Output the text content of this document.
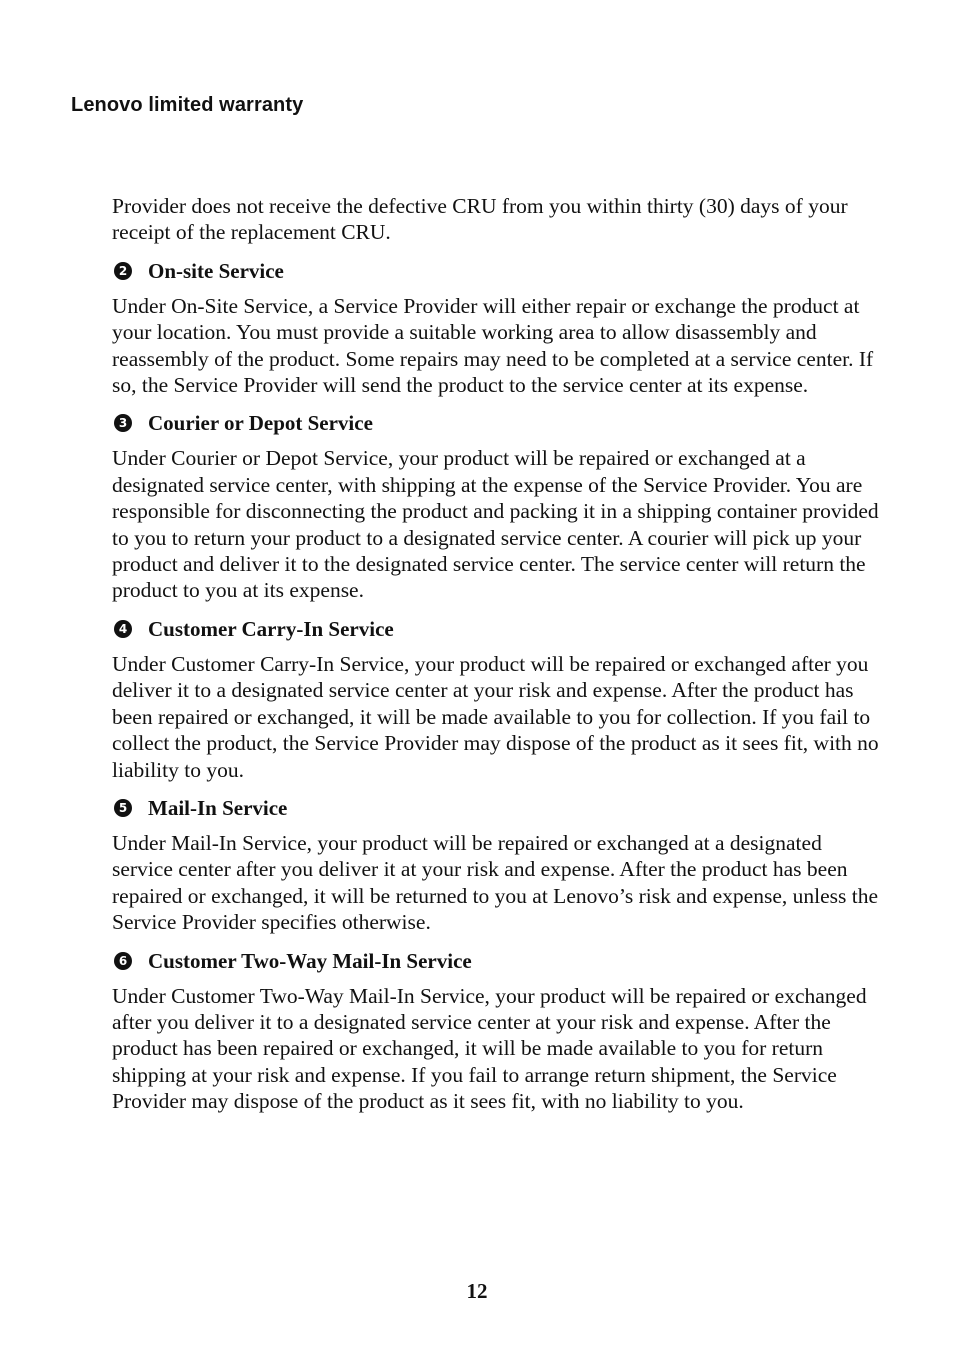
Lenovo limited warranty

Provider does not receive the defective CRU from you within thirty (30) days of your receipt of the replacement CRU.

2 On-site Service

Under On-Site Service, a Service Provider will either repair or exchange the product at your location. You must provide a suitable working area to allow disassembly and reassembly of the product. Some repairs may need to be completed at a service center. If so, the Service Provider will send the product to the service center at its expense.

3 Courier or Depot Service

Under Courier or Depot Service, your product will be repaired or exchanged at a designated service center, with shipping at the expense of the Service Provider. You are responsible for disconnecting the product and packing it in a shipping container provided to you to return your product to a designated service center. A courier will pick up your product and deliver it to the designated service center. The service center will return the product to you at its expense.

4 Customer Carry-In Service

Under Customer Carry-In Service, your product will be repaired or exchanged after you deliver it to a designated service center at your risk and expense. After the product has been repaired or exchanged, it will be made available to you for collection. If you fail to collect the product, the Service Provider may dispose of the product as it sees fit, with no liability to you.

5 Mail-In Service

Under Mail-In Service, your product will be repaired or exchanged at a designated service center after you deliver it at your risk and expense. After the product has been repaired or exchanged, it will be returned to you at Lenovo’s risk and expense, unless the Service Provider specifies otherwise.

6 Customer Two-Way Mail-In Service

Under Customer Two-Way Mail-In Service, your product will be repaired or exchanged after you deliver it to a designated service center at your risk and expense. After the product has been repaired or exchanged, it will be made available to you for return shipping at your risk and expense. If you fail to arrange return shipment, the Service Provider may dispose of the product as it sees fit, with no liability to you.

12
